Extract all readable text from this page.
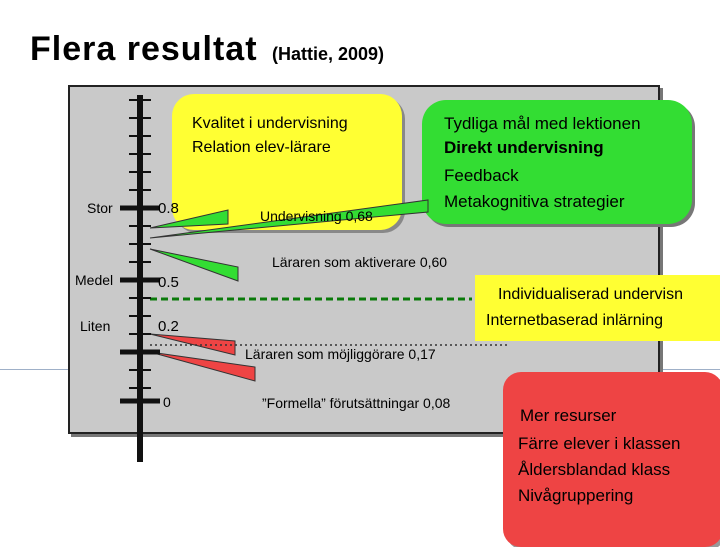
Flera resultat (Hattie, 2009)
Stor	0.8
Medel	0.5
Liten	0.2
0
Kvalitet i undervisning
Relation elev-lärare
Undervisning 0,68
Tydliga mål med lektionen
Direkt undervisning
Feedback
Metakognitiva strategier
Läraren som aktiverare 0,60
Individualiserad undervisn
Internetbaserad inlärning
Läraren som möjliggörare 0,17
”Formella” förutsättningar 0,08
Mer resurser
Färre elever i klassen
Åldersblandad klass
Nivågruppering
